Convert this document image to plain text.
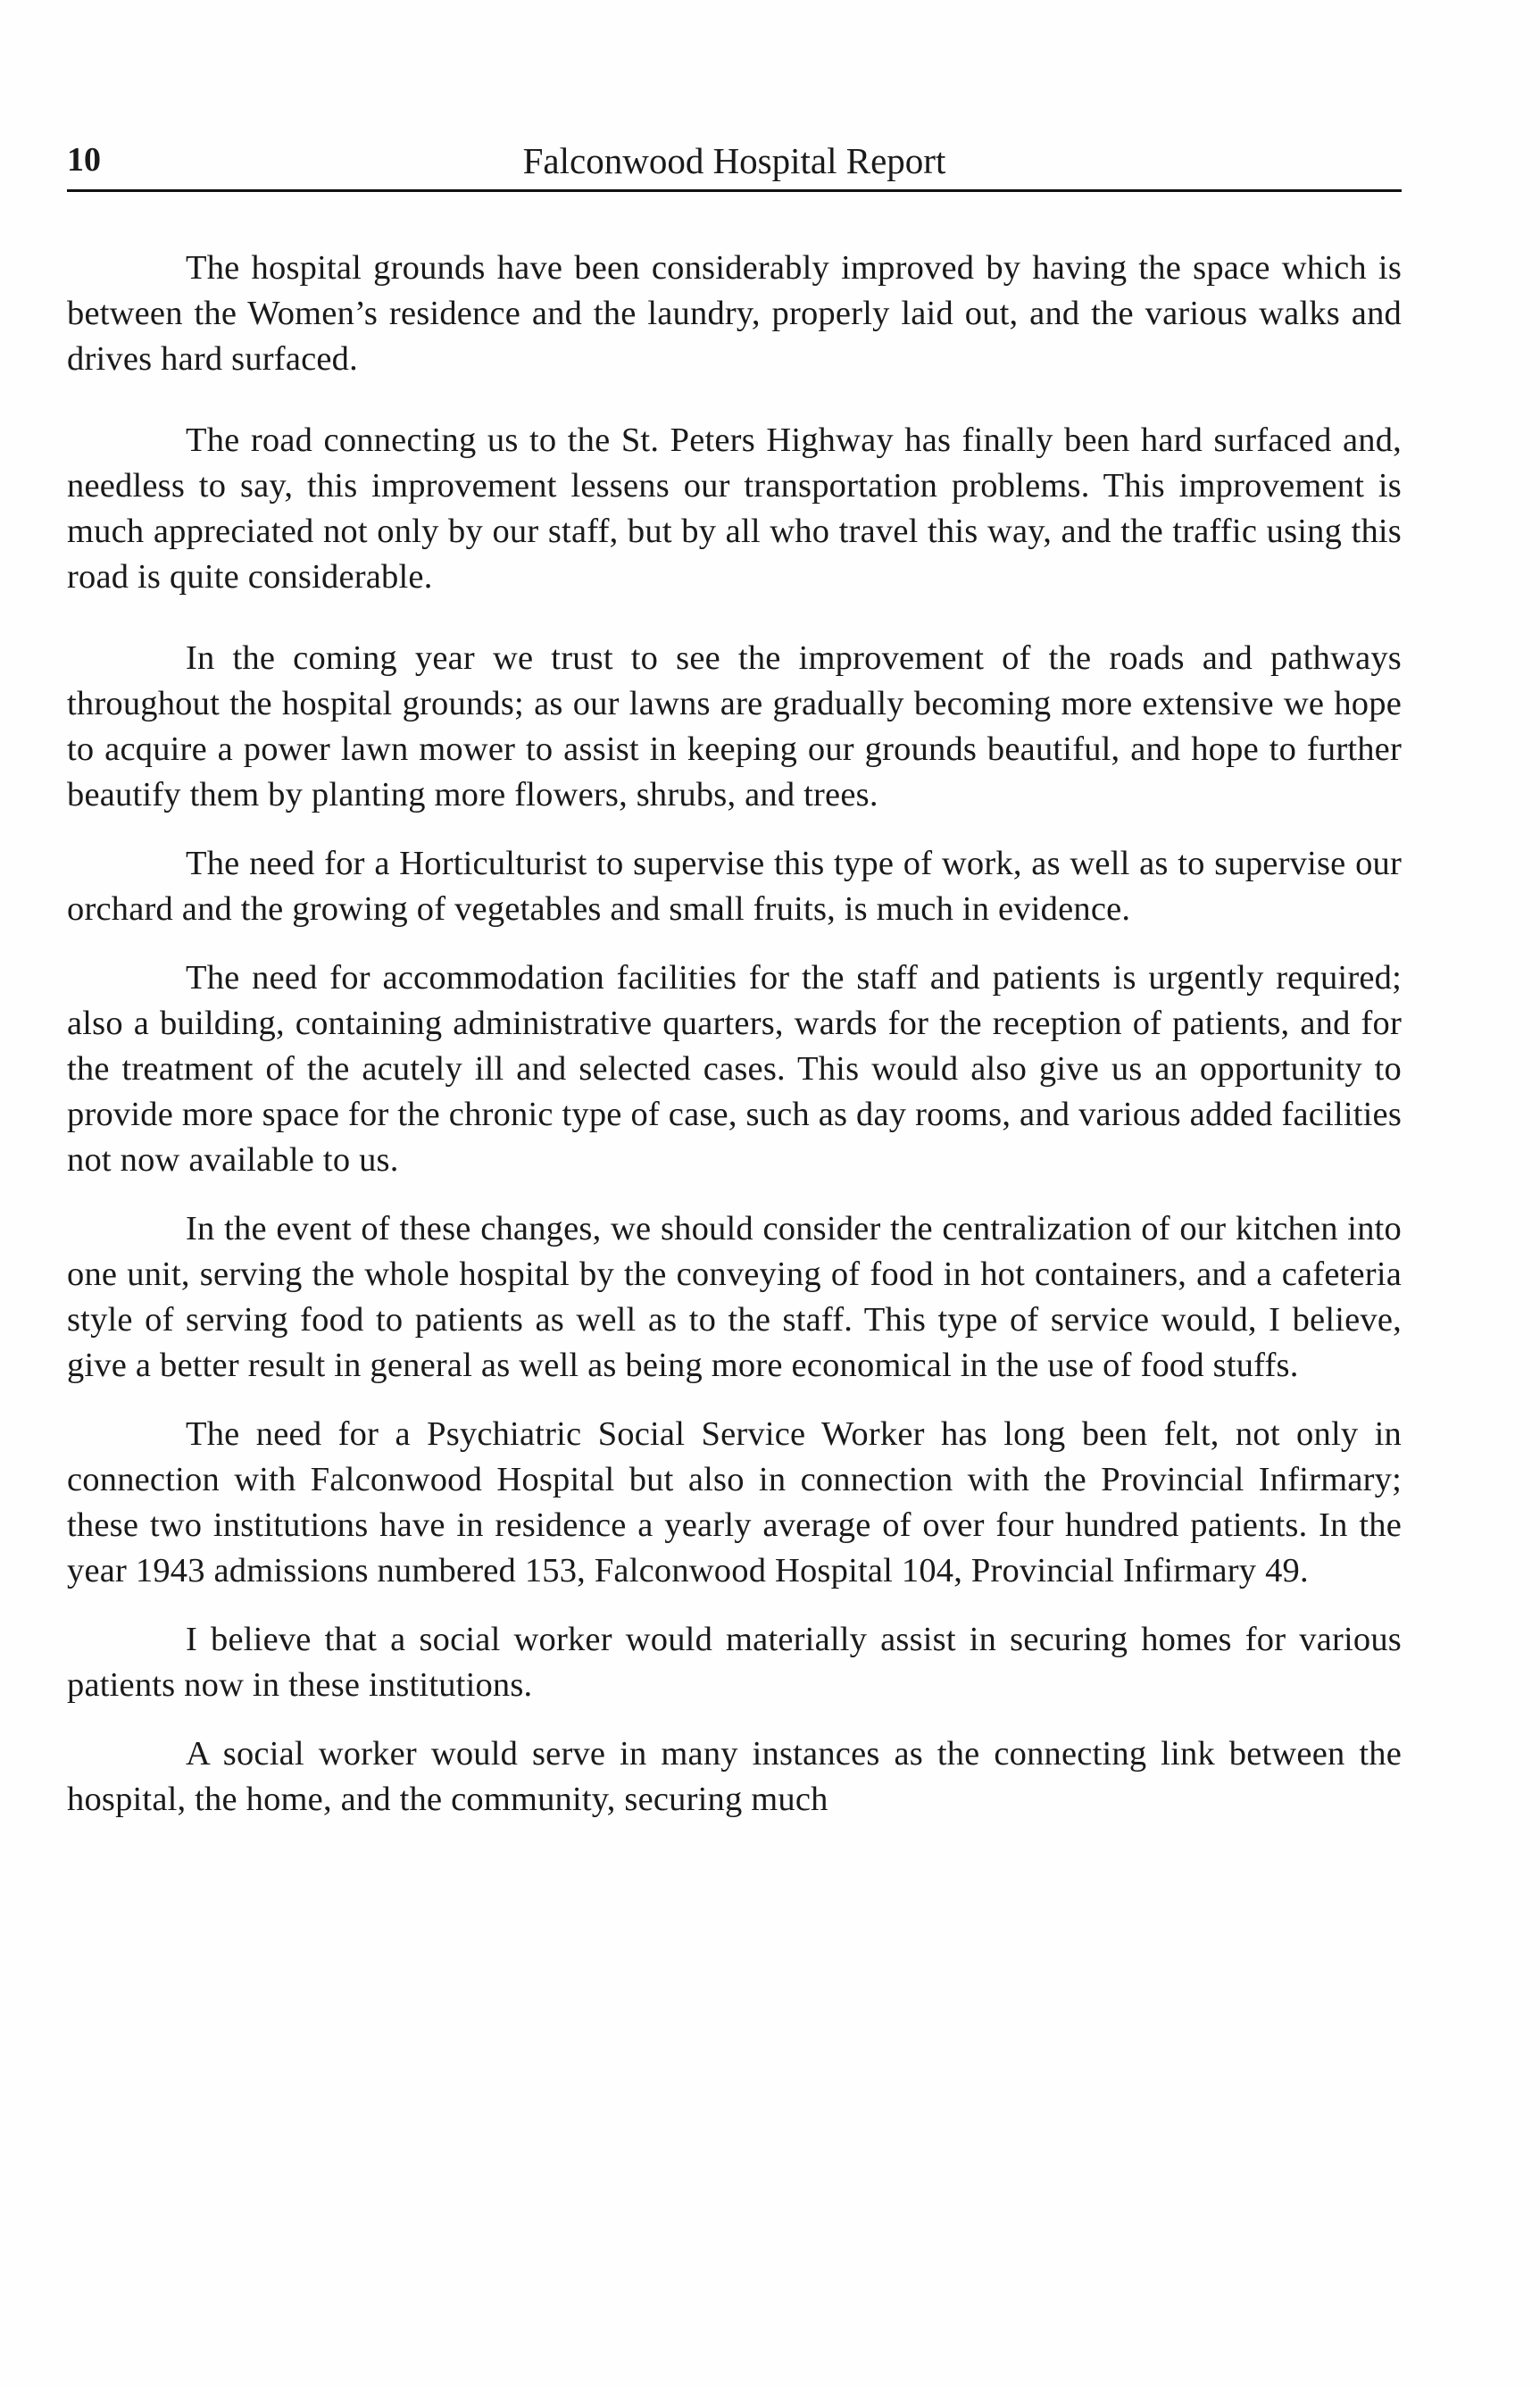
10	Falconwood Hospital Report

The hospital grounds have been considerably improved by having the space which is between the Women’s residence and the laundry, properly laid out, and the various walks and drives hard surfaced.

The road connecting us to the St. Peters Highway has finally been hard surfaced and, needless to say, this improvement lessens our transportation problems. This improvement is much appreciated not only by our staff, but by all who travel this way, and the traffic using this road is quite considerable.

In the coming year we trust to see the improvement of the roads and pathways throughout the hospital grounds; as our lawns are gradually becoming more extensive we hope to acquire a power lawn mower to assist in keeping our grounds beautiful, and hope to further beautify them by planting more flowers, shrubs, and trees.

The need for a Horticulturist to supervise this type of work, as well as to supervise our orchard and the growing of vegetables and small fruits, is much in evidence.

The need for accommodation facilities for the staff and patients is urgently required; also a building, containing administrative quarters, wards for the reception of patients, and for the treatment of the acutely ill and selected cases. This would also give us an opportunity to provide more space for the chronic type of case, such as day rooms, and various added facilities not now available to us.

In the event of these changes, we should consider the centralization of our kitchen into one unit, serving the whole hospital by the conveying of food in hot containers, and a cafeteria style of serving food to patients as well as to the staff. This type of service would, I believe, give a better result in general as well as being more economical in the use of food stuffs.

The need for a Psychiatric Social Service Worker has long been felt, not only in connection with Falconwood Hospital but also in connection with the Provincial Infirmary; these two institutions have in residence a yearly average of over four hundred patients. In the year 1943 admissions numbered 153, Falconwood Hospital 104, Provincial Infirmary 49.

I believe that a social worker would materially assist in securing homes for various patients now in these institutions.

A social worker would serve in many instances as the connecting link between the hospital, the home, and the community, securing much
